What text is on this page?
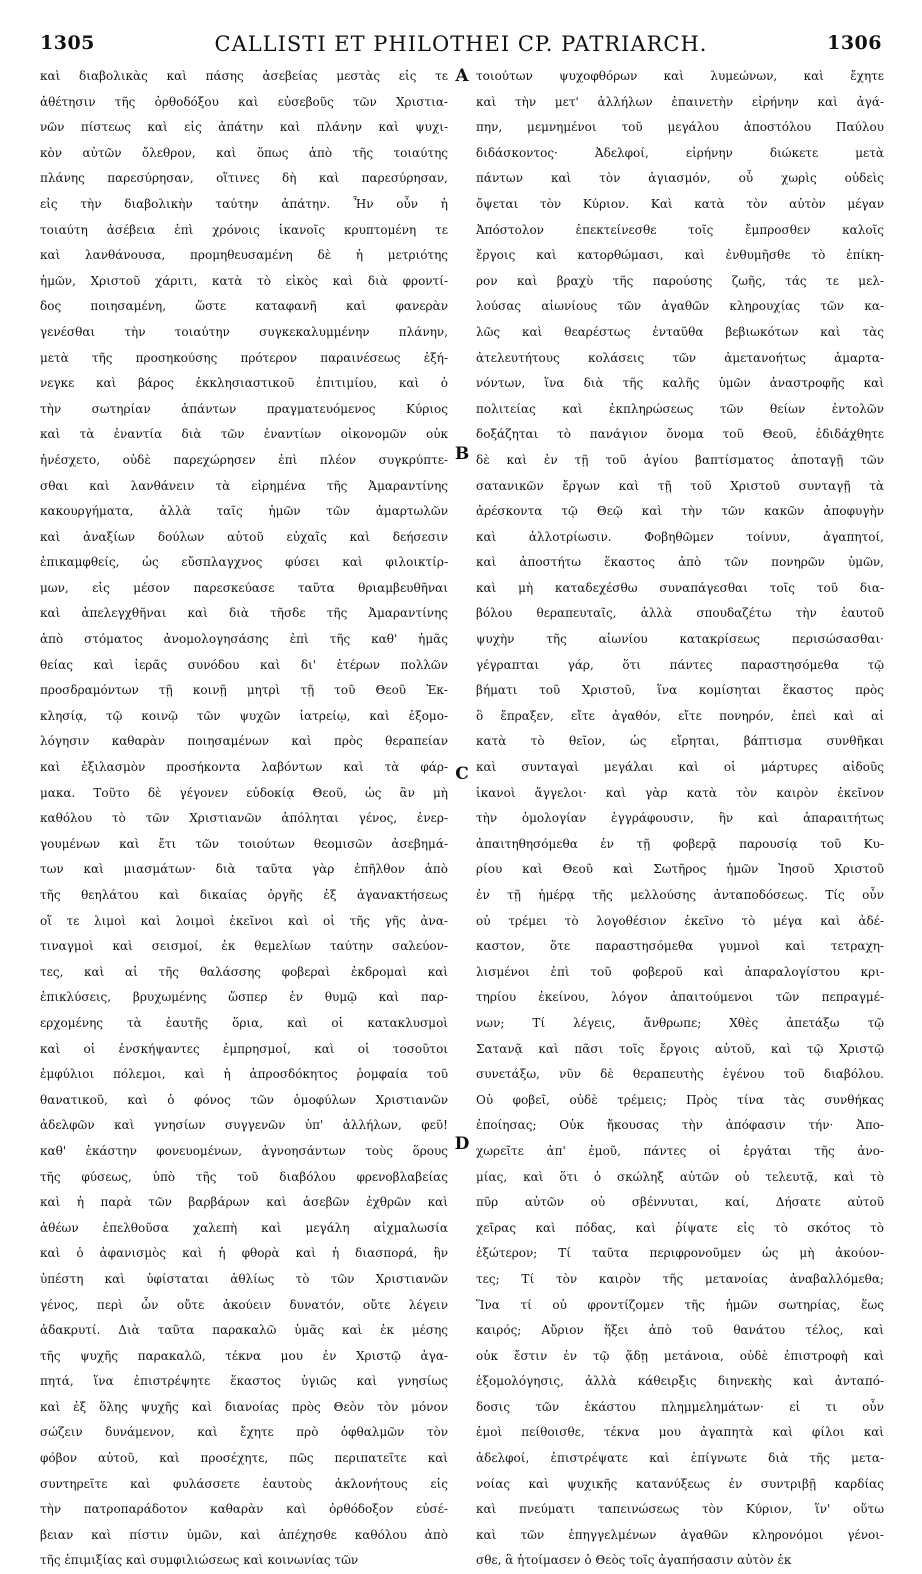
1305	CALLISTI ET PHILOTHEI CP. PATRIARCH.	1306
καὶ διαβολικὰς καὶ πάσης ἀσεβείας μεστὰς εἰς τε
ἀθέτησιν τῆς ὀρθοδόξου καὶ εὐσεβοῦς τῶν Χριστια-
νῶν πίστεως καὶ εἰς ἀπάτην καὶ πλάνην καὶ ψυχι-
κὸν αὐτῶν ὄλεθρον, καὶ ὅπως ἀπὸ τῆς τοιαύτης
πλάνης παρεσύρησαν, οἵτινες δὴ καὶ παρεσύρησαν,
εἰς τὴν διαβολικὴν ταύτην ἀπάτην. Ἦν οὖν ἡ
τοιαύτη ἀσέβεια ἐπὶ χρόνοις ἱκανοῖς κρυπτομένη τε
καὶ λανθάνουσα, προμηθευσαμένη δὲ ἡ μετριότης
ἡμῶν, Χριστοῦ χάριτι, κατὰ τὸ εἰκὸς καὶ διὰ φροντί-
δος ποιησαμένη, ὥστε καταφανῆ καὶ φανερὰν
γενέσθαι τὴν τοιαύτην συγκεκαλυμμένην πλάνην,
μετὰ τῆς προσηκούσης πρότερον παραινέσεως ἐξή-
νεγκε καὶ βάρος ἐκκλησιαστικοῦ ἐπιτιμίου, καὶ ὁ
τὴν σωτηρίαν ἁπάντων πραγματευόμενος Κύριος
καὶ τὰ ἐναντία διὰ τῶν ἐναντίων οἰκονομῶν οὐκ
ἠνέσχετο, οὐδὲ παρεχώρησεν ἐπὶ πλέον συγκρύπτε-
σθαι καὶ λανθάνειν τὰ εἰρημένα τῆς Ἀμαραντίνης
κακουργήματα, ἀλλὰ ταῖς ἡμῶν τῶν ἁμαρτωλῶν
καὶ ἀναξίων δούλων αὐτοῦ εὐχαῖς καὶ δεήσεσιν
ἐπικαμφθείς, ὡς εὔσπλαγχνος φύσει καὶ φιλοικτίρ-
μων, εἰς μέσον παρεσκεύασε ταῦτα θριαμβευθῆναι
καὶ ἀπελεγχθῆναι καὶ διὰ τῆσδε τῆς Ἀμαραντίνης
ἀπὸ στόματος ἀνομολογησάσης ἐπὶ τῆς καθ' ἡμᾶς
θείας καὶ ἱερᾶς συνόδου καὶ δι' ἑτέρων πολλῶν
προσδραμόντων τῇ κοινῇ μητρὶ τῇ τοῦ Θεοῦ Ἐκ-
κλησίᾳ, τῷ κοινῷ τῶν ψυχῶν ἰατρείῳ, καὶ ἐξομο-
λόγησιν καθαρὰν ποιησαμένων καὶ πρὸς θεραπείαν
καὶ ἐξιλασμὸν προσήκοντα λαβόντων καὶ τὰ φάρ-
μακα. Τοῦτο δὲ γέγονεν εὐδοκίᾳ Θεοῦ, ὡς ἂν μὴ
καθόλου τὸ τῶν Χριστιανῶν ἀπόληται γένος, ἐνερ-
γουμένων καὶ ἔτι τῶν τοιούτων θεομισῶν ἀσεβημά-
των καὶ μιασμάτων· διὰ ταῦτα γὰρ ἐπῆλθον ἀπὸ
τῆς θεηλάτου καὶ δικαίας ὀργῆς ἐξ ἀγανακτήσεως
οἵ τε λιμοὶ καὶ λοιμοὶ ἐκεῖνοι καὶ οἱ τῆς γῆς ἀνα-
τιναγμοὶ καὶ σεισμοί, ἐκ θεμελίων ταύτην σαλεύον-
τες, καὶ αἱ τῆς θαλάσσης φοβεραὶ ἐκδρομαὶ καὶ
ἐπικλύσεις, βρυχωμένης ὥσπερ ἐν θυμῷ καὶ παρ-
ερχομένης τὰ ἑαυτῆς ὅρια, καὶ οἱ κατακλυσμοὶ
καὶ οἱ ἐνσκήψαντες ἐμπρησμοί, καὶ οἱ τοσοῦτοι
ἐμφύλιοι πόλεμοι, καὶ ἡ ἀπροσδόκητος ῥομφαία τοῦ
θανατικοῦ, καὶ ὁ φόνος τῶν ὁμοφύλων Χριστιανῶν
ἀδελφῶν καὶ γνησίων συγγενῶν ὑπ' ἀλλήλων, φεῦ!
καθ' ἑκάστην φονευομένων, ἀγνοησάντων τοὺς ὅρους
τῆς φύσεως, ὑπὸ τῆς τοῦ διαβόλου φρενοβλαβείας
καὶ ἡ παρὰ τῶν βαρβάρων καὶ ἀσεβῶν ἐχθρῶν καὶ
ἀθέων ἐπελθοῦσα χαλεπὴ καὶ μεγάλη αἰχμαλωσία
καὶ ὁ ἀφανισμὸς καὶ ἡ φθορὰ καὶ ἡ διασπορά, ἣν
ὑπέστη καὶ ὑφίσταται ἀθλίως τὸ τῶν Χριστιανῶν
γένος, περὶ ὧν οὔτε ἀκούειν δυνατόν, οὔτε λέγειν
ἀδακρυτί. Διὰ ταῦτα παρακαλῶ ὑμᾶς καὶ ἐκ μέσης
τῆς ψυχῆς παρακαλῶ, τέκνα μου ἐν Χριστῷ ἀγα-
πητά, ἵνα ἐπιστρέψητε ἕκαστος ὑγιῶς καὶ γνησίως
καὶ ἐξ ὅλης ψυχῆς καὶ διανοίας πρὸς Θεὸν τὸν μόνον
σώζειν δυνάμενον, καὶ ἔχητε πρὸ ὀφθαλμῶν τὸν
φόβον αὐτοῦ, καὶ προσέχητε, πῶς περιπατεῖτε καὶ
συντηρεῖτε καὶ φυλάσσετε ἑαυτοὺς ἀκλονήτους εἰς
τὴν πατροπαράδοτον καθαρὰν καὶ ὀρθόδοξον εὐσέ-
βειαν καὶ πίστιν ὑμῶν, καὶ ἀπέχησθε καθόλου ἀπὸ
τῆς ἐπιμιξίας καὶ συμφιλιώσεως καὶ κοινωνίας τῶν
A
B
C
D
τοιούτων ψυχοφθόρων καὶ λυμεώνων, καὶ ἔχητε
καὶ τὴν μετ' ἀλλήλων ἐπαινετὴν εἰρήνην καὶ ἀγά-
πην, μεμνημένοι τοῦ μεγάλου ἀποστόλου Παύλου
διδάσκοντος· Ἀδελφοί, εἰρήνην διώκετε μετὰ
πάντων καὶ τὸν ἁγιασμόν, οὗ χωρὶς οὐδεὶς
ὄψεται τὸν Κύριον. Καὶ κατὰ τὸν αὐτὸν μέγαν
Ἀπόστολον ἐπεκτείνεσθε τοῖς ἔμπροσθεν καλοῖς
ἔργοις καὶ κατορθώμασι, καὶ ἐνθυμῆσθε τὸ ἐπίκη-
ρον καὶ βραχὺ τῆς παρούσης ζωῆς, τάς τε μελ-
λούσας αἰωνίους τῶν ἀγαθῶν κληρουχίας τῶν κα-
λῶς καὶ θεαρέστως ἐνταῦθα βεβιωκότων καὶ τὰς
ἀτελευτήτους κολάσεις τῶν ἀμετανοήτως ἁμαρτα-
νόντων, ἵνα διὰ τῆς καλῆς ὑμῶν ἀναστροφῆς καὶ
πολιτείας καὶ ἐκπληρώσεως τῶν θείων ἐντολῶν
δοξάζηται τὸ πανάγιον ὄνομα τοῦ Θεοῦ, ἐδιδάχθητε
δὲ καὶ ἐν τῇ τοῦ ἁγίου βαπτίσματος ἀποταγῇ τῶν
σατανικῶν ἔργων καὶ τῇ τοῦ Χριστοῦ συνταγῇ τὰ
ἀρέσκοντα τῷ Θεῷ καὶ τὴν τῶν κακῶν ἀποφυγὴν
καὶ ἀλλοτρίωσιν. Φοβηθῶμεν τοίνυν, ἀγαπητοί,
καὶ ἀποστήτω ἕκαστος ἀπὸ τῶν πονηρῶν ὑμῶν,
καὶ μὴ καταδεχέσθω συναπάγεσθαι τοῖς τοῦ δια-
βόλου θεραπευταῖς, ἀλλὰ σπουδαζέτω τὴν ἑαυτοῦ
ψυχὴν τῆς αἰωνίου κατακρίσεως περισώσασθαι·
γέγραπται γάρ, ὅτι πάντες παραστησόμεθα τῷ
βήματι τοῦ Χριστοῦ, ἵνα κομίσηται ἕκαστος πρὸς
ὃ ἔπραξεν, εἴτε ἀγαθόν, εἴτε πονηρόν, ἐπεὶ καὶ αἱ
κατὰ τὸ θεῖον, ὡς εἴρηται, βάπτισμα συνθῆκαι
καὶ συνταγαὶ μεγάλαι καὶ οἱ μάρτυρες αἰδοῦς
ἱκανοὶ ἄγγελοι· καὶ γὰρ κατὰ τὸν καιρὸν ἐκεῖνον
τὴν ὁμολογίαν ἐγγράφουσιν, ἣν καὶ ἀπαραιτήτως
ἀπαιτηθησόμεθα ἐν τῇ φοβερᾷ παρουσίᾳ τοῦ Κυ-
ρίου καὶ Θεοῦ καὶ Σωτῆρος ἡμῶν Ἰησοῦ Χριστοῦ
ἐν τῇ ἡμέρᾳ τῆς μελλούσης ἀνταποδόσεως. Τίς οὖν
οὐ τρέμει τὸ λογοθέσιον ἐκεῖνο τὸ μέγα καὶ ἀδέ-
καστον, ὅτε παραστησόμεθα γυμνοὶ καὶ τετραχη-
λισμένοι ἐπὶ τοῦ φοβεροῦ καὶ ἀπαραλογίστου κρι-
τηρίου ἐκείνου, λόγον ἀπαιτούμενοι τῶν πεπραγμέ-
νων; Τί λέγεις, ἄνθρωπε; Χθὲς ἀπετάξω τῷ
Σατανᾷ καὶ πᾶσι τοῖς ἔργοις αὐτοῦ, καὶ τῷ Χριστῷ
συνετάξω, νῦν δὲ θεραπευτὴς ἐγένου τοῦ διαβόλου.
Οὐ φοβεῖ, οὐδὲ τρέμεις; Πρὸς τίνα τὰς συνθήκας
ἐποίησας; Οὐκ ἤκουσας τὴν ἀπόφασιν τήν· Ἀπο-
χωρεῖτε ἀπ' ἐμοῦ, πάντες οἱ ἐργάται τῆς ἀνο-
μίας, καὶ ὅτι ὁ σκώληξ αὐτῶν οὐ τελευτᾷ, καὶ τὸ
πῦρ αὐτῶν οὐ σβέννυται, καί, Δήσατε αὐτοῦ
χεῖρας καὶ πόδας, καὶ ῥίψατε εἰς τὸ σκότος τὸ
ἐξώτερον; Τί ταῦτα περιφρονοῦμεν ὡς μὴ ἀκούον-
τες; Τί τὸν καιρὸν τῆς μετανοίας ἀναβαλλόμεθα;
Ἵνα τί οὐ φροντίζομεν τῆς ἡμῶν σωτηρίας, ἕως
καιρός; Αὔριον ἥξει ἀπὸ τοῦ θανάτου τέλος, καὶ
οὐκ ἔστιν ἐν τῷ ᾅδῃ μετάνοια, οὐδὲ ἐπιστροφὴ καὶ
ἐξομολόγησις, ἀλλὰ κάθειρξις διηνεκὴς καὶ ἀνταπό-
δοσις τῶν ἑκάστου πλημμελημάτων· εἰ τι οὖν
ἐμοὶ πείθοισθε, τέκνα μου ἀγαπητὰ καὶ φίλοι καὶ
ἀδελφοί, ἐπιστρέψατε καὶ ἐπίγνωτε διὰ τῆς μετα-
νοίας καὶ ψυχικῆς κατανύξεως ἐν συντριβῇ καρδίας
καὶ πνεύματι ταπεινώσεως τὸν Κύριον, ἵν' οὕτω
καὶ τῶν ἐπηγγελμένων ἀγαθῶν κληρονόμοι γένοι-
σθε, ἃ ἡτοίμασεν ὁ Θεὸς τοῖς ἀγαπήσασιν αὐτὸν ἐκ
